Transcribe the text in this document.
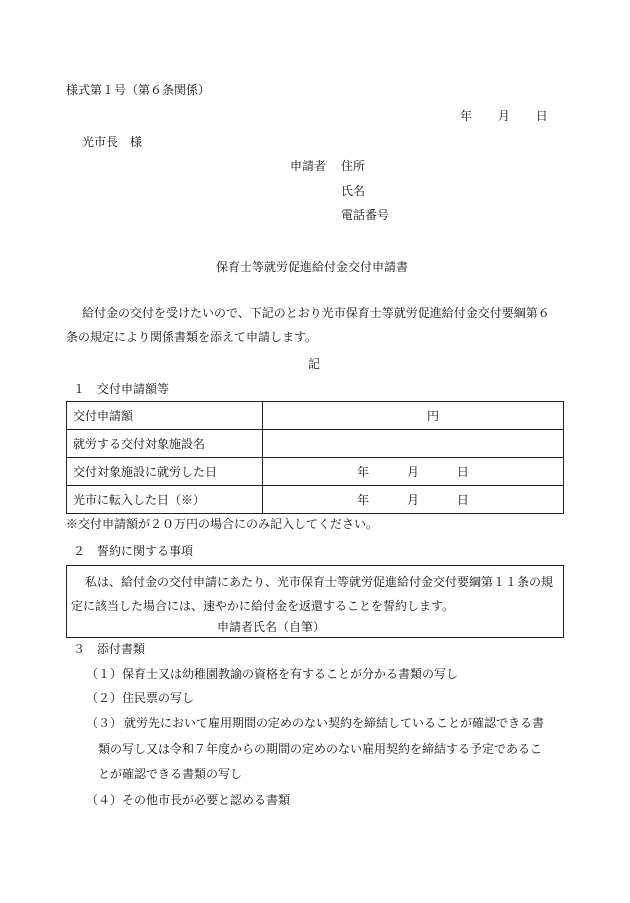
様式第１号（第６条関係）
年 月 日
光市長　様
申請者 住所
氏名
電話番号
保育士等就労促進給付金交付申請書
給付金の交付を受けたいので、下記のとおり光市保育士等就労促進給付金交付要綱第６
条の規定により関係書類を添えて申請します。
記
１　交付申請額等
交付申請額	円
就労する交付対象施設名	
交付対象施設に就労した日	年 月 日
光市に転入した日（※）	年 月 日
※交付申請額が２０万円の場合にのみ記入してください。
２　誓約に関する事項
私は、給付金の交付申請にあたり、光市保育士等就労促進給付金交付要綱第１１条の規
定に該当した場合には、速やかに給付金を返還することを誓約します。
申請者氏名（自筆）
３　添付書類
（１） 保育士又は幼稚園教諭の資格を有することが分かる書類の写し
（２） 住民票の写し
（３） 就労先において雇用期間の定めのない契約を締結していることが確認できる書
類の写し又は令和７年度からの期間の定めのない雇用契約を締結する予定であるこ
とが確認できる書類の写し
（４） その他市長が必要と認める書類
